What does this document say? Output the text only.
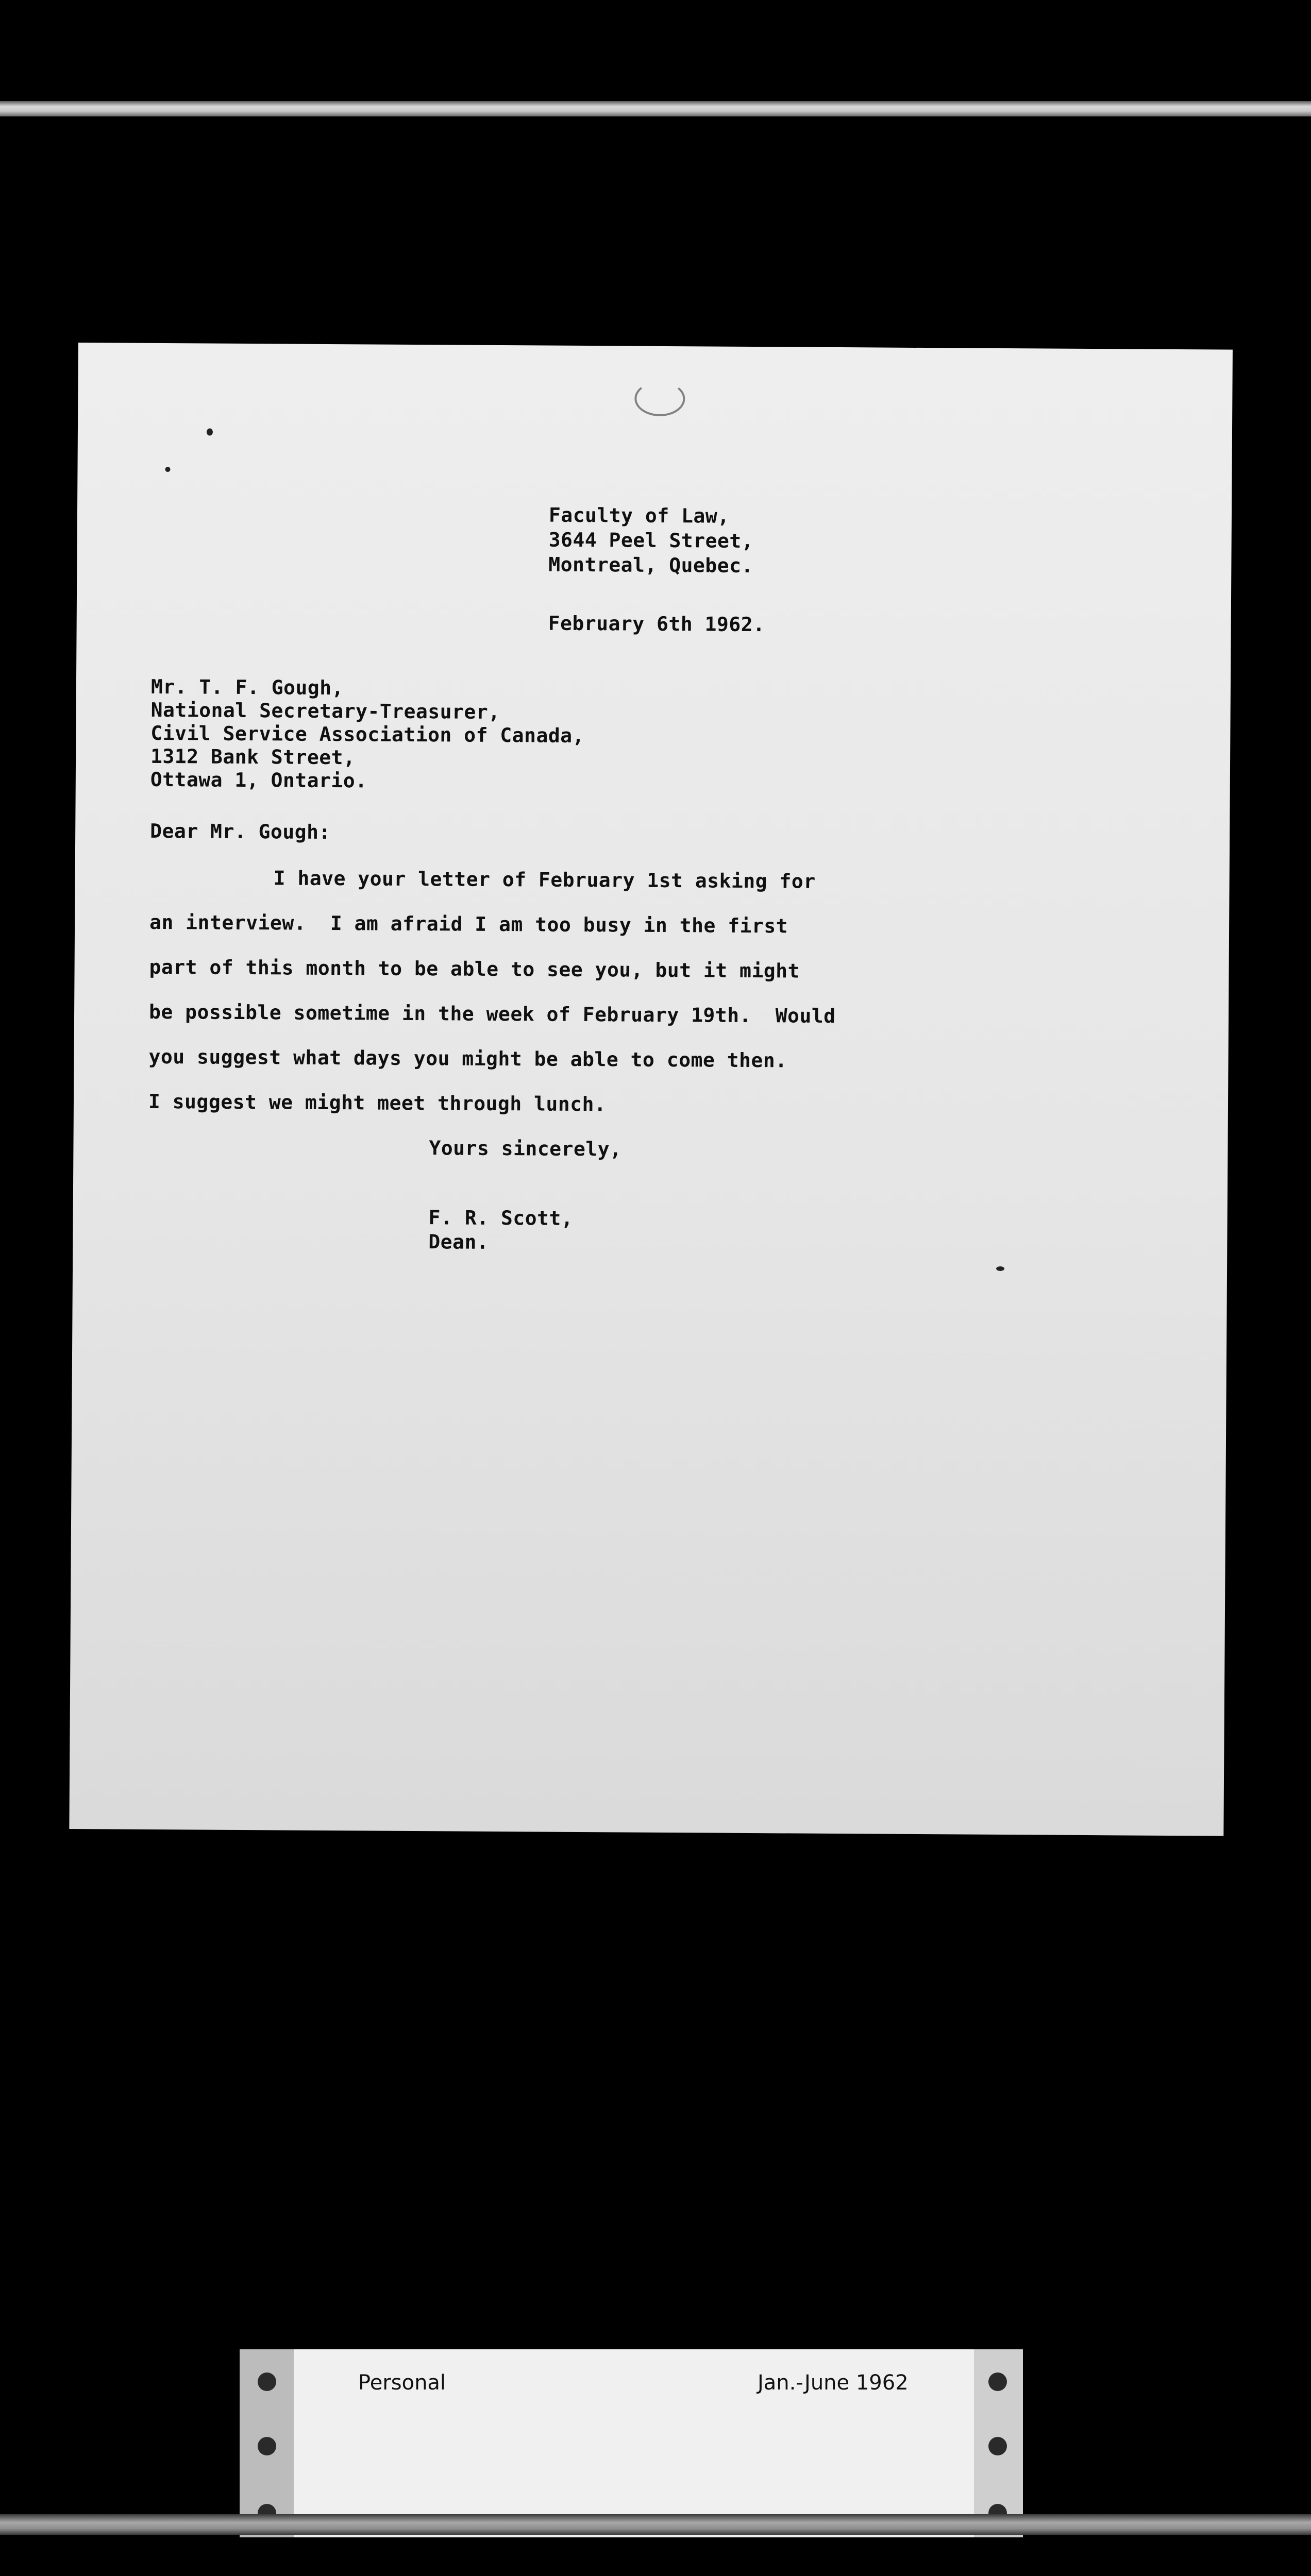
Faculty of Law,
3644 Peel Street,
Montreal, Quebec.
February 6th 1962.
Mr. T. F. Gough,
National Secretary-Treasurer,
Civil Service Association of Canada,
1312 Bank Street,
Ottawa 1, Ontario.
Dear Mr. Gough:
I have your letter of February 1st asking for
an interview.  I am afraid I am too busy in the first
part of this month to be able to see you, but it might
be possible sometime in the week of February 19th.  Would
you suggest what days you might be able to come then.
I suggest we might meet through lunch.
Yours sincerely,
F. R. Scott,
Dean.
Personal	Jan.-June 1962
